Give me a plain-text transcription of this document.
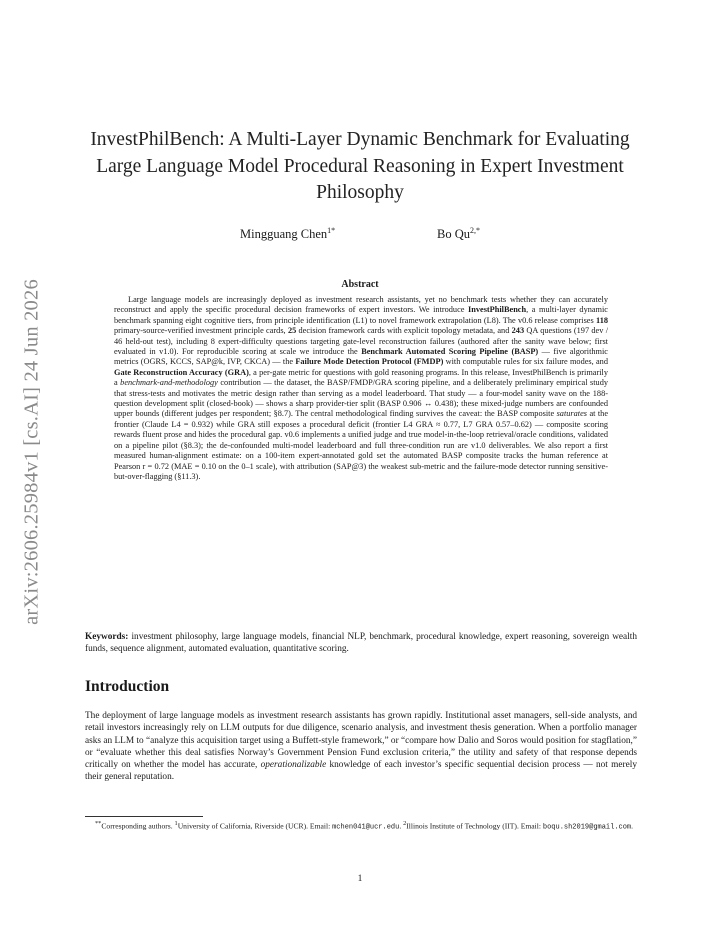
arXiv:2606.25984v1 [cs.AI] 24 Jun 2026
InvestPhilBench: A Multi-Layer Dynamic Benchmark for Evaluating Large Language Model Procedural Reasoning in Expert Investment Philosophy
Mingguang Chen$^{1*}$	Bo $Qu^{2,*}$
Abstract

Large language models are increasingly deployed as investment research assistants, yet no benchmark tests whether they can accurately reconstruct and apply the specific procedural decision frameworks of expert investors. We introduce InvestPhilBench, a multi-layer dynamic benchmark spanning eight cognitive tiers, from principle identification (L1) to novel framework extrapolation (L8). The v0.6 release comprises 118 primary-source-verified investment principle cards, 25 decision framework cards with explicit topology metadata, and 243 QA questions (197 dev / 46 held-out test), including 8 expert-difficulty questions targeting gate-level reconstruction failures (authored after the sanity wave below; first evaluated in v1.0). For reproducible scoring at scale we introduce the Benchmark Automated Scoring Pipeline (BASP) — five algorithmic metrics (OGRS, KCCS, SAP@k, IVP, CKCA) — the Failure Mode Detection Protocol (FMDP) with computable rules for six failure modes, and Gate Reconstruction Accuracy (GRA), a per-gate metric for questions with gold reasoning programs. In this release, InvestPhilBench is primarily a benchmark-and-methodology contribution — the dataset, the BASP/FMDP/GRA scoring pipeline, and a deliberately preliminary empirical study that stress-tests and motivates the metric design rather than serving as a model leaderboard. That study — a four-model sanity wave on the 188-question development split (closed-book) — shows a sharp provider-tier split (BASP 0.906 ↔ 0.438); these mixed-judge numbers are confounded upper bounds (different judges per respondent; §8.7). The central methodological finding survives the caveat: the BASP composite saturates at the frontier (Claude L4 = 0.932) while GRA still exposes a procedural deficit (frontier L4 GRA ≈ 0.77, L7 GRA 0.57–0.62) — composite scoring rewards fluent prose and hides the procedural gap. v0.6 implements a unified judge and true model-in-the-loop retrieval/oracle conditions, validated on a pipeline pilot (§8.3); the de-confounded multi-model leaderboard and full three-condition run are v1.0 deliverables. We also report a first measured human-alignment estimate: on a 100-item expert-annotated gold set the automated BASP composite tracks the human reference at Pearson r = 0.72 (MAE = 0.10 on the 0–1 scale), with attribution (SAP@3) the weakest sub-metric and the failure-mode detector running sensitive-but-over-flagging (§11.3).

Keywords: investment philosophy, large language models, financial NLP, benchmark, procedural knowledge, expert reasoning, sovereign wealth funds, sequence alignment, automated evaluation, quantitative scoring.

Introduction

The deployment of large language models as investment research assistants has grown rapidly. Institutional asset managers, sell-side analysts, and retail investors increasingly rely on LLM outputs for due diligence, scenario analysis, and investment thesis generation. When a portfolio manager asks an LLM to “analyze this acquisition target using a Buffett-style framework,” or “compare how Dalio and Soros would position for stagflation,” or “evaluate whether this deal satisfies Norway’s Government Pension Fund exclusion criteria,” the utility and safety of that response depends critically on whether the model has accurate, operationalizable knowledge of each investor’s specific sequential decision process — not merely their general reputation.

**Corresponding authors. $^1$University of California, Riverside (UCR). Email: mchen041@ucr.edu. $^2$Illinois Institute of Technology (IIT). Email: boqu.sh2019@gmail.com.

1
